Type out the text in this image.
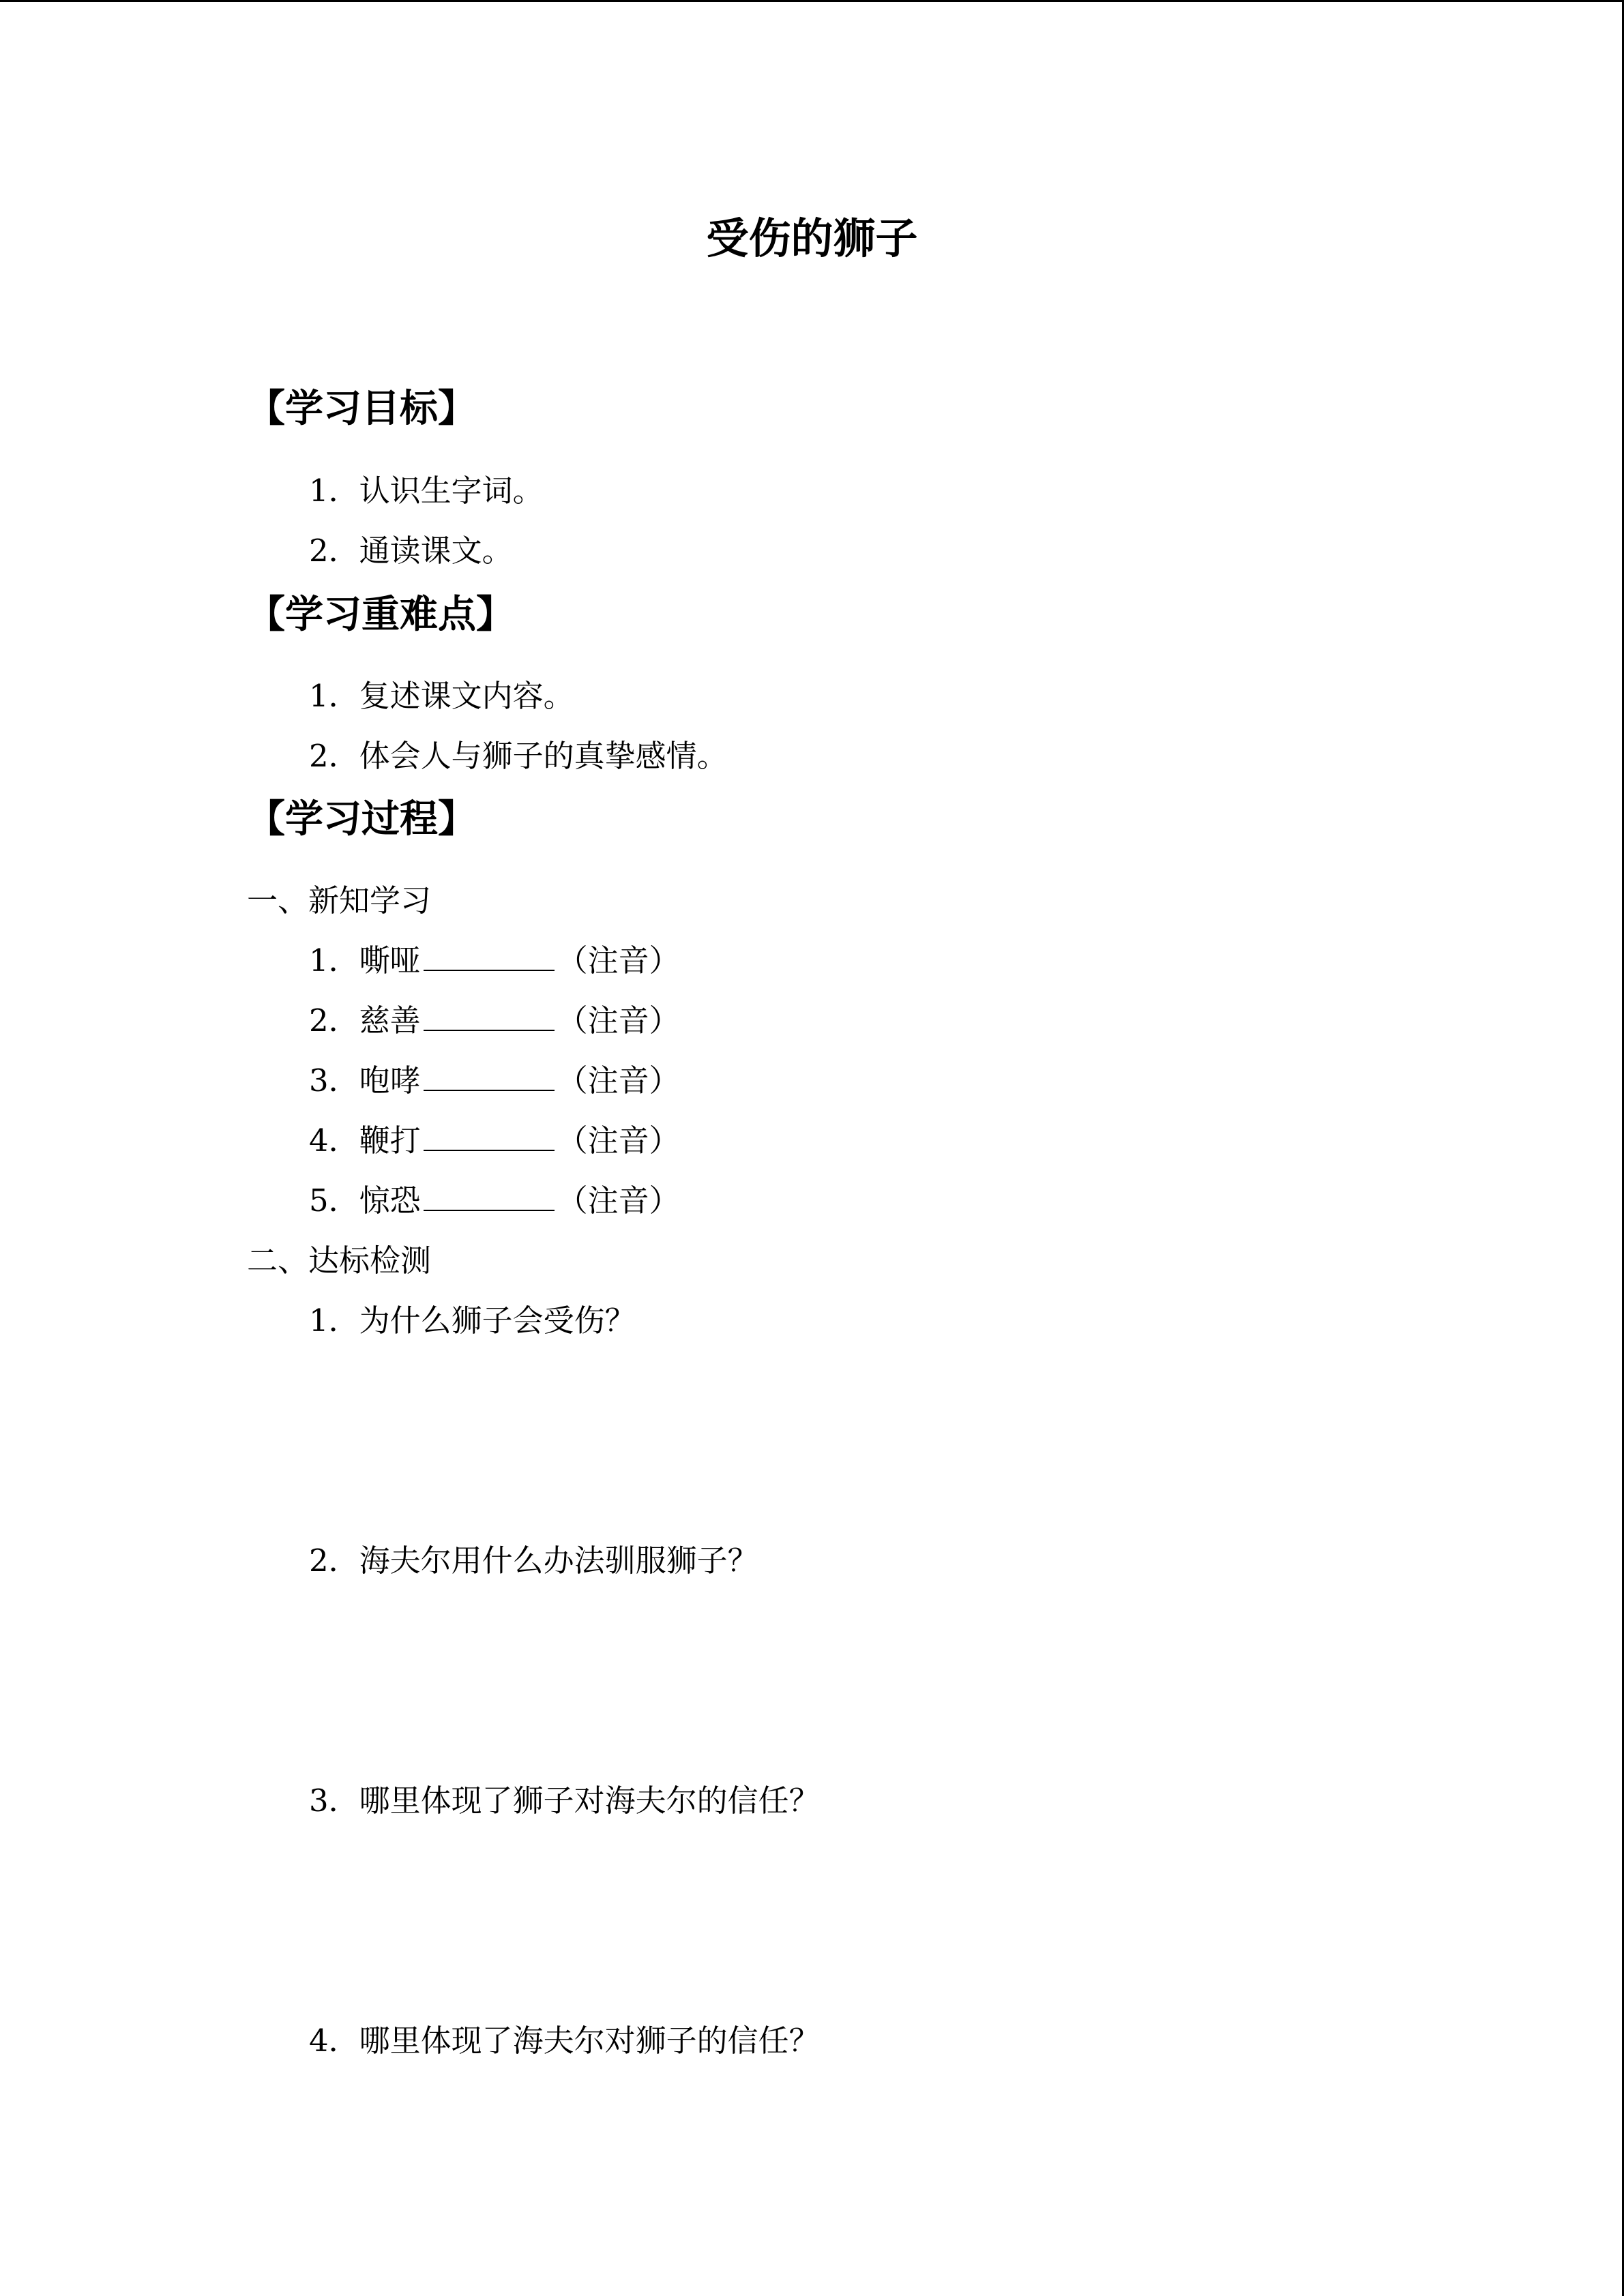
受伤的狮子
【学习目标】
1．认识生字词。
2．通读课文。
【学习重难点】
1．复述课文内容。
2．体会人与狮子的真挚感情。
【学习过程】
一、新知学习
1．嘶哑	（注音）
2．慈善	（注音）
3．咆哮	（注音）
4．鞭打	（注音）
5．惊恐	（注音）
二、达标检测
1．为什么狮子会受伤？
2．海夫尔用什么办法驯服狮子？
3．哪里体现了狮子对海夫尔的信任？
4．哪里体现了海夫尔对狮子的信任？
